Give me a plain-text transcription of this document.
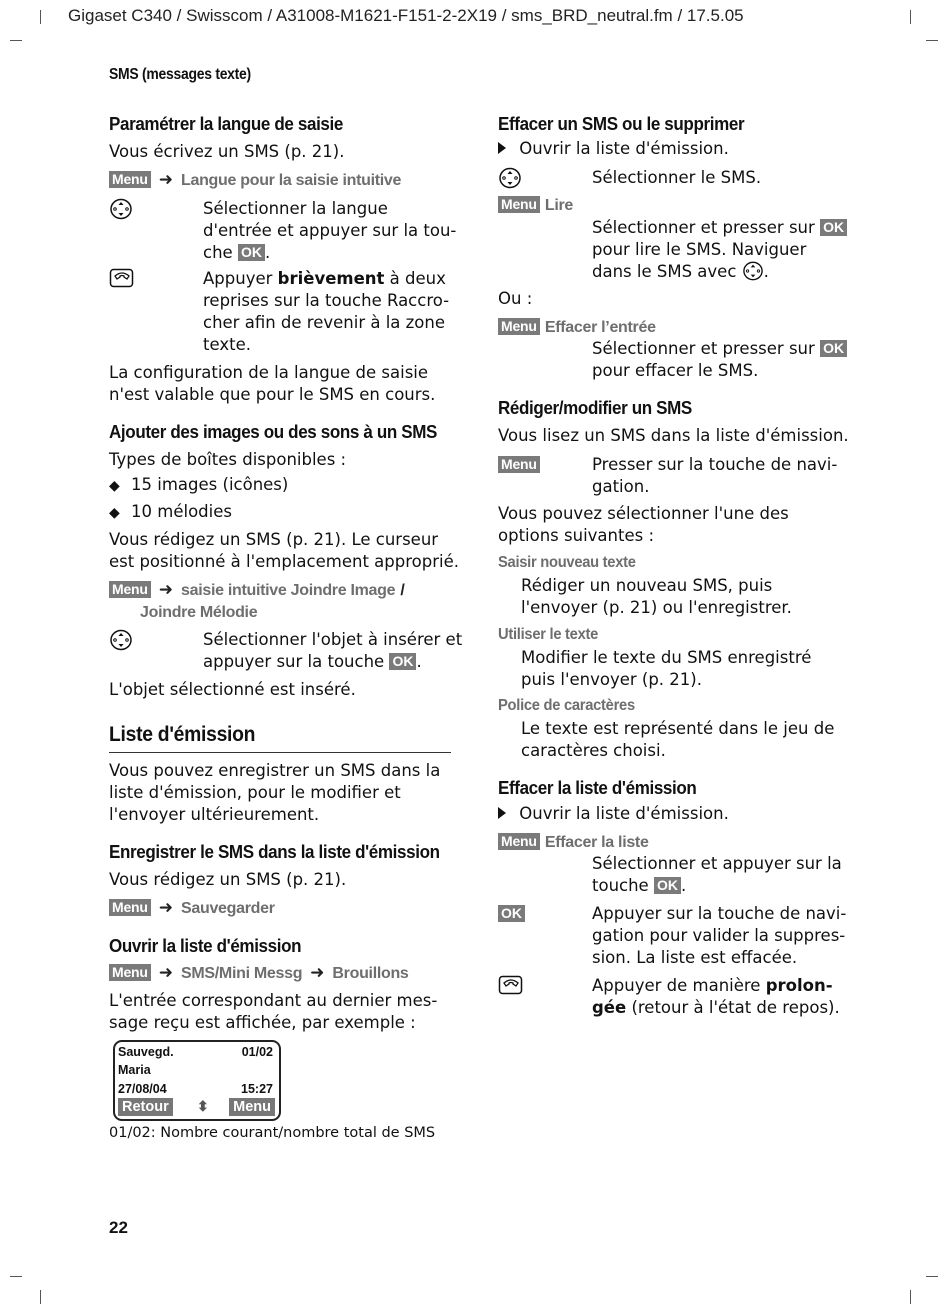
Gigaset C340 / Swisscom / A31008-M1621-F151-2-2X19 / sms_BRD_neutral.fm / 17.5.05
SMS (messages texte)
Paramétrer la langue de saisie
Vous écrivez un SMS (p. 21).
Menu ➜ Langue pour la saisie intuitive
Sélectionner la langue
d'entrée et appuyer sur la tou-
che OK .
Appuyer brièvement à deux
reprises sur la touche Raccro-
cher afin de revenir à la zone
texte.
La configuration de la langue de saisie
n'est valable que pour le SMS en cours.
Ajouter des images ou des sons à un SMS
Types de boîtes disponibles :
◆ 15 images (icônes)
◆ 10 mélodies
Vous rédigez un SMS (p. 21). Le curseur
est positionné à l'emplacement approprié.
Menu ➜ saisie intuitive Joindre Image /
Joindre Mélodie
Sélectionner l'objet à insérer et
appuyer sur la touche OK .
L'objet sélectionné est inséré.
Liste d'émission
Vous pouvez enregistrer un SMS dans la
liste d'émission, pour le modifier et
l'envoyer ultérieurement.
Enregistrer le SMS dans la liste d'émission
Vous rédigez un SMS (p. 21).
Menu ➜ Sauvegarder
Ouvrir la liste d'émission
Menu ➜ SMS/Mini Messg ➜ Brouillons
L'entrée correspondant au dernier mes-
sage reçu est affichée, par exemple :
Sauvegd.	01/02
Maria
27/08/04	15:27
Retour ⬍ Menu
01/02: Nombre courant/nombre total de SMS
22
Effacer un SMS ou le supprimer
Ouvrir la liste d'émission.
Sélectionner le SMS.
Menu Lire
Sélectionner et presser sur OK
pour lire le SMS. Naviguer
dans le SMS avec .
Ou :
Menu Effacer l’entrée
Sélectionner et presser sur OK
pour effacer le SMS.
Rédiger/modifier un SMS
Vous lisez un SMS dans la liste d'émission.
Menu	Presser sur la touche de navi-
gation.
Vous pouvez sélectionner l'une des
options suivantes :
Saisir nouveau texte
Rédiger un nouveau SMS, puis
l'envoyer (p. 21) ou l'enregistrer.
Utiliser le texte
Modifier le texte du SMS enregistré
puis l'envoyer (p. 21).
Police de caractères
Le texte est représenté dans le jeu de
caractères choisi.
Effacer la liste d'émission
Ouvrir la liste d'émission.
Menu Effacer la liste
Sélectionner et appuyer sur la
touche OK .
OK	Appuyer sur la touche de navi-
gation pour valider la suppres-
sion. La liste est effacée.
Appuyer de manière prolon-
gée (retour à l'état de repos).
